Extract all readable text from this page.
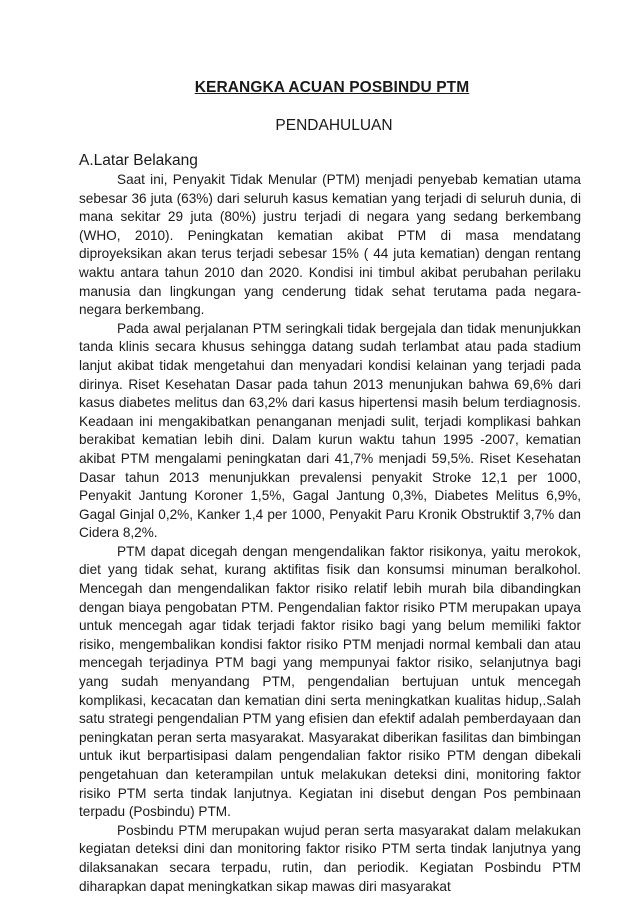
KERANGKA ACUAN POSBINDU PTM
PENDAHULUAN
A.Latar Belakang

Saat ini, Penyakit Tidak Menular (PTM) menjadi penyebab kematian utama sebesar 36 juta (63%) dari seluruh kasus kematian yang terjadi di seluruh dunia, di mana sekitar 29 juta (80%) justru terjadi di negara yang sedang berkembang (WHO, 2010). Peningkatan kematian akibat PTM di masa mendatang diproyeksikan akan terus terjadi sebesar 15% ( 44 juta kematian) dengan rentang waktu antara tahun 2010 dan 2020. Kondisi ini timbul akibat perubahan perilaku manusia dan lingkungan yang cenderung tidak sehat terutama pada negara-negara berkembang.

Pada awal perjalanan PTM seringkali tidak bergejala dan tidak menunjukkan tanda klinis secara khusus sehingga datang sudah terlambat atau pada stadium lanjut akibat tidak mengetahui dan menyadari kondisi kelainan yang terjadi pada dirinya. Riset Kesehatan Dasar pada tahun 2013 menunjukan bahwa 69,6% dari kasus diabetes melitus dan 63,2% dari kasus hipertensi masih belum terdiagnosis. Keadaan ini mengakibatkan penanganan menjadi sulit, terjadi komplikasi bahkan berakibat kematian lebih dini. Dalam kurun waktu tahun 1995 -2007, kematian akibat PTM mengalami peningkatan dari 41,7% menjadi 59,5%. Riset Kesehatan Dasar tahun 2013 menunjukkan prevalensi penyakit Stroke 12,1 per 1000, Penyakit Jantung Koroner 1,5%, Gagal Jantung 0,3%, Diabetes Melitus 6,9%, Gagal Ginjal 0,2%, Kanker 1,4 per 1000, Penyakit Paru Kronik Obstruktif 3,7% dan Cidera 8,2%.

PTM dapat dicegah dengan mengendalikan faktor risikonya, yaitu merokok, diet yang tidak sehat, kurang aktifitas fisik dan konsumsi minuman beralkohol. Mencegah dan mengendalikan faktor risiko relatif lebih murah bila dibandingkan dengan biaya pengobatan PTM. Pengendalian faktor risiko PTM merupakan upaya untuk mencegah agar tidak terjadi faktor risiko bagi yang belum memiliki faktor risiko, mengembalikan kondisi faktor risiko PTM menjadi normal kembali dan atau mencegah terjadinya PTM bagi yang mempunyai faktor risiko, selanjutnya bagi yang sudah menyandang PTM, pengendalian bertujuan untuk mencegah komplikasi, kecacatan dan kematian dini serta meningkatkan kualitas hidup,.Salah satu strategi pengendalian PTM yang efisien dan efektif adalah pemberdayaan dan peningkatan peran serta masyarakat. Masyarakat diberikan fasilitas dan bimbingan untuk ikut berpartisipasi dalam pengendalian faktor risiko PTM dengan dibekali pengetahuan dan keterampilan untuk melakukan deteksi dini, monitoring faktor risiko PTM serta tindak lanjutnya. Kegiatan ini disebut dengan Pos pembinaan terpadu (Posbindu) PTM.

Posbindu PTM merupakan wujud peran serta masyarakat dalam melakukan kegiatan deteksi dini dan monitoring faktor risiko PTM serta tindak lanjutnya yang dilaksanakan secara terpadu, rutin, dan periodik. Kegiatan Posbindu PTM diharapkan dapat meningkatkan sikap mawas diri masyarakat
